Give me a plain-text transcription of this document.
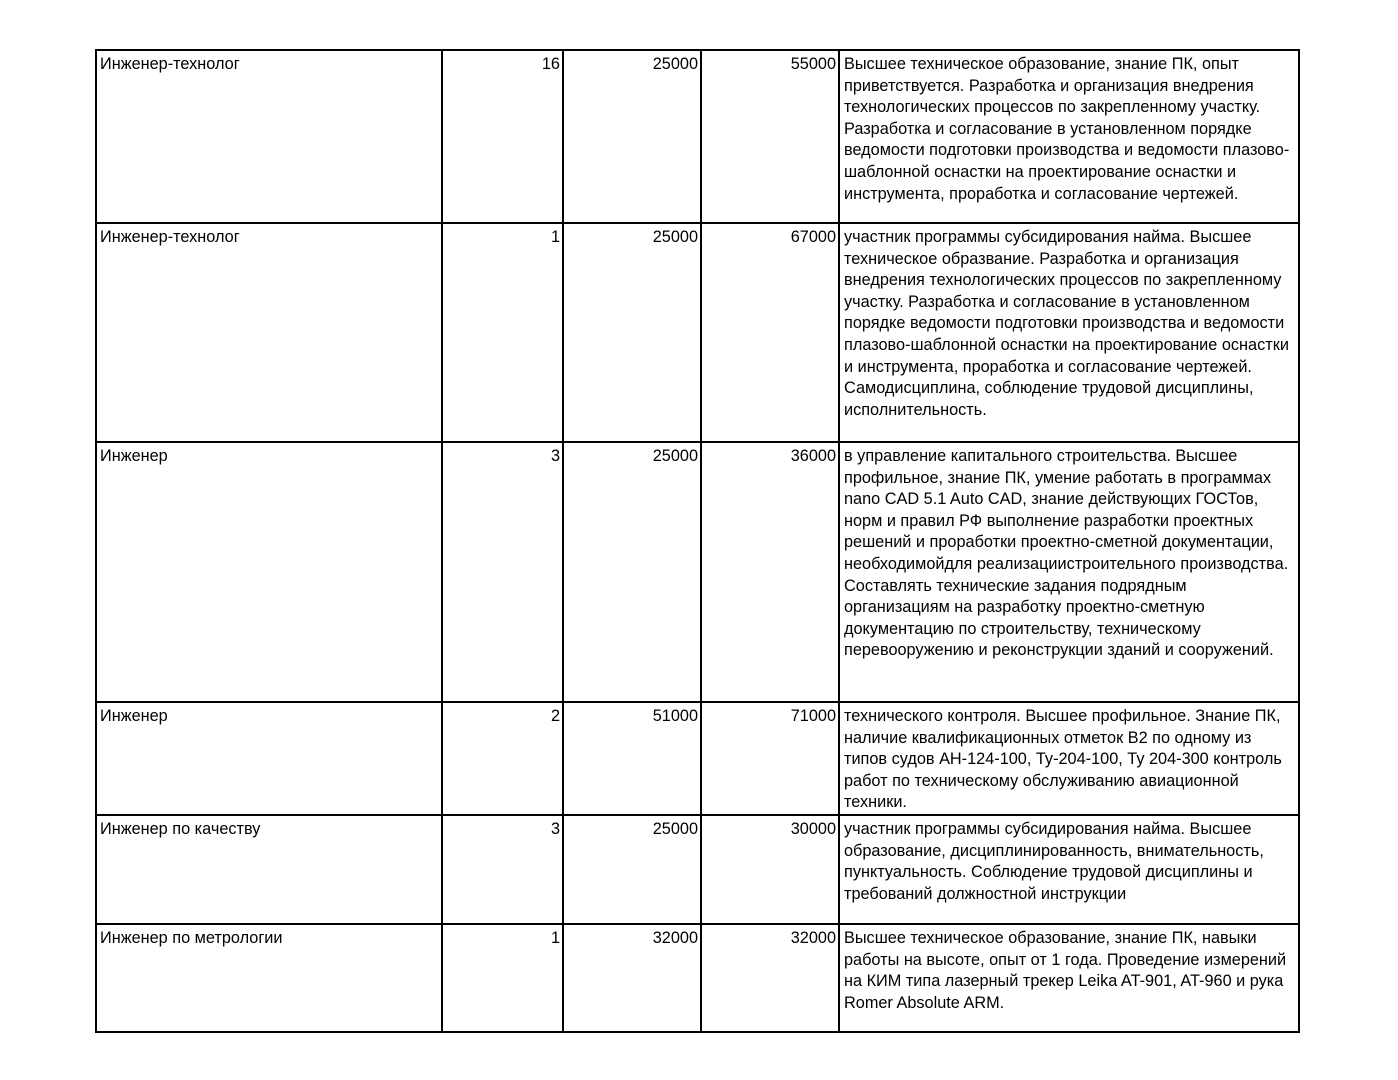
Инженер-технолог	16	25000	55000	Высшее техническое образование, знание ПК, опыт приветствуется. Разработка и организация внедрения технологических процессов по закрепленному участку. Разработка и согласование в установленном порядке ведомости подготовки производства и ведомости плазово-шаблонной оснастки на проектирование оснастки и инструмента, проработка и согласование чертежей.
Инженер-технолог	1	25000	67000	участник программы субсидирования найма. Высшее техническое образвание. Разработка и организация внедрения технологических процессов по закрепленному участку. Разработка и согласование в установленном порядке ведомости подготовки производства и ведомости плазово-шаблонной оснастки на проектирование оснастки и инструмента, проработка и согласование чертежей. Самодисциплина, соблюдение трудовой дисциплины, исполнительность.
Инженер	3	25000	36000	в управление капитального строительства. Высшее профильное, знание ПК, умение работать в программах nano CAD 5.1 Auto CAD, знание действующих ГОСТов, норм и правил РФ выполнение разработки проектных решений и проработки проектно-сметной документации, необходимойдля реализациистроительного производства. Составлять технические задания подрядным организациям на разработку проектно-сметную документацию по строительству, техническому перевооружению и реконструкции зданий и сооружений.
Инженер	2	51000	71000	технического контроля. Высшее профильное. Знание ПК, наличие квалификационных отметок В2 по одному из типов судов АН-124-100, Ту-204-100, Ту 204-300 контроль работ по техническому обслуживанию авиационной техники.
Инженер по качеству	3	25000	30000	участник программы субсидирования найма. Высшее образование, дисциплинированность, внимательность, пунктуальность. Соблюдение трудовой дисциплины и требований должностной инструкции
Инженер по метрологии	1	32000	32000	Высшее техническое образование, знание ПК, навыки работы на высоте, опыт от 1 года. Проведение измерений на КИМ типа лазерный трекер Leika AT-901, AT-960 и рука Romer Absolute ARM.
